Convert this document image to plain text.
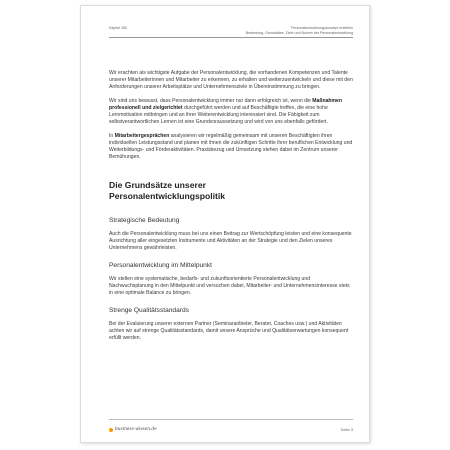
Kapitel 180	Personalentwicklungskonzept erstellen
Bedeutung, Grundsätze, Ziele und Nutzen der Personalentwicklung

Wir erachten als wichtigste Aufgabe der Personalentwicklung, die vorhandenen Kompetenzen und Talente unserer Mitarbeiterinnen und Mitarbeiter zu erkennen, zu erhalten und weiterzuentwickeln und diese mit den Anforderungen unserer Arbeitsplätze und Unternehmensziele in Übereinstimmung zu bringen.

Wir sind uns bewusst, dass Personalentwicklung immer nur dann erfolgreich ist, wenn die Maßnahmen professionell und zielgerichtet durchgeführt werden und auf Beschäftigte treffen, die eine hohe Lernmotivation mitbringen und an ihrer Weiterentwicklung interessiert sind. Die Fähigkeit zum selbstverantwortlichen Lernen ist eine Grundvoraussetzung und wird von uns ebenfalls gefördert.

In Mitarbeitergesprächen analysieren wir regelmäßig gemeinsam mit unseren Beschäftigten ihren individuellen Leistungsstand und planen mit ihnen die zukünftigen Schritte ihrer beruflichen Entwicklung und Weiterbildungs- und Förderaktivitäten. Praxisbezug und Umsetzung stehen dabei im Zentrum unserer Bemühungen.

Die Grundsätze unserer
Personalentwicklungspolitik
Strategische Bedeutung

Auch die Personalentwicklung muss bei uns einen Beitrag zur Wertschöpfung leisten und eine konsequente Ausrichtung aller eingesetzten Instrumente und Aktivitäten an der Strategie und den Zielen unseres Unternehmens gewährleisten.

Personalentwicklung im Mittelpunkt

Wir stellen eine systematische, bedarfs- und zukunftsorientierte Personalentwicklung und Nachwuchsplanung in den Mittelpunkt und versuchen dabei, Mitarbeiter- und Unternehmensinteresse stets in eine optimale Balance zu bringen.

Strenge Qualitätsstandards

Bei der Evaluierung unserer externen Partner (Seminaranbieter, Berater, Coaches usw.) und Aktivitäten achten wir auf strenge Qualitätsstandards, damit unsere Ansprüche und Qualitätserwartungen konsequent erfüllt werden.

business-wissen.de	Seite 3
